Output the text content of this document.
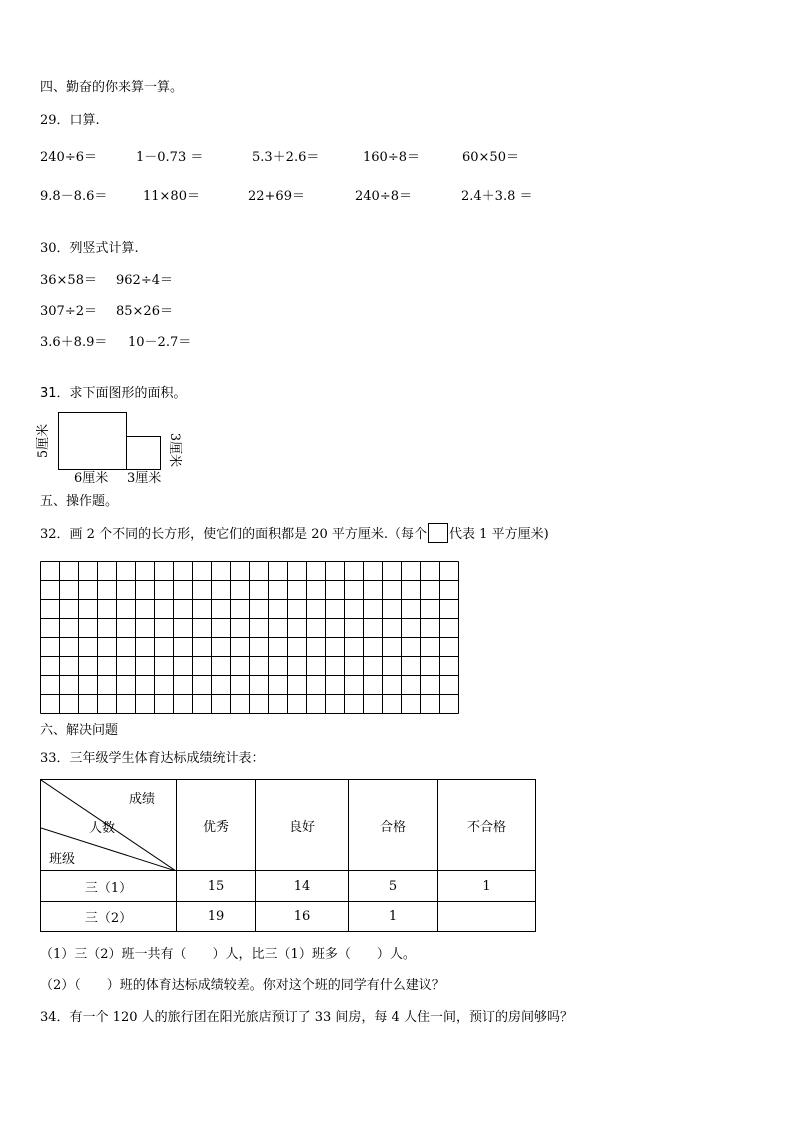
四、勤奋的你来算一算。
29．口算.
240÷6＝	1－0.73 ＝	5.3＋2.6＝	160÷8＝	60×50＝
9.8－8.6＝	11×80＝	22+69＝	240÷8＝	2.4＋3.8 ＝
30．列竖式计算.
36×58＝ 962÷4＝
307÷2＝ 85×26＝
3.6＋8.9＝ 10－2.7＝
31．求下面图形的面积。
5厘米	3厘米
6厘米 3厘米
五、操作题。
32．画 2 个不同的长方形，使它们的面积都是 20 平方厘米.（每个 代表 1 平方厘米)
六、解决问题
33．三年级学生体育达标成绩统计表：
成绩
人数
班级	优秀	良好	合格	不合格
三（1）	15	14	5	1
三（2）	19	16	1	
（1）三（2）班一共有（　　）人，比三（1）班多（　　）人。
（2）（　　）班的体育达标成绩较差。你对这个班的同学有什么建议？
34．有一个 120 人的旅行团在阳光旅店预订了 33 间房，每 4 人住一间，预订的房间够吗？
